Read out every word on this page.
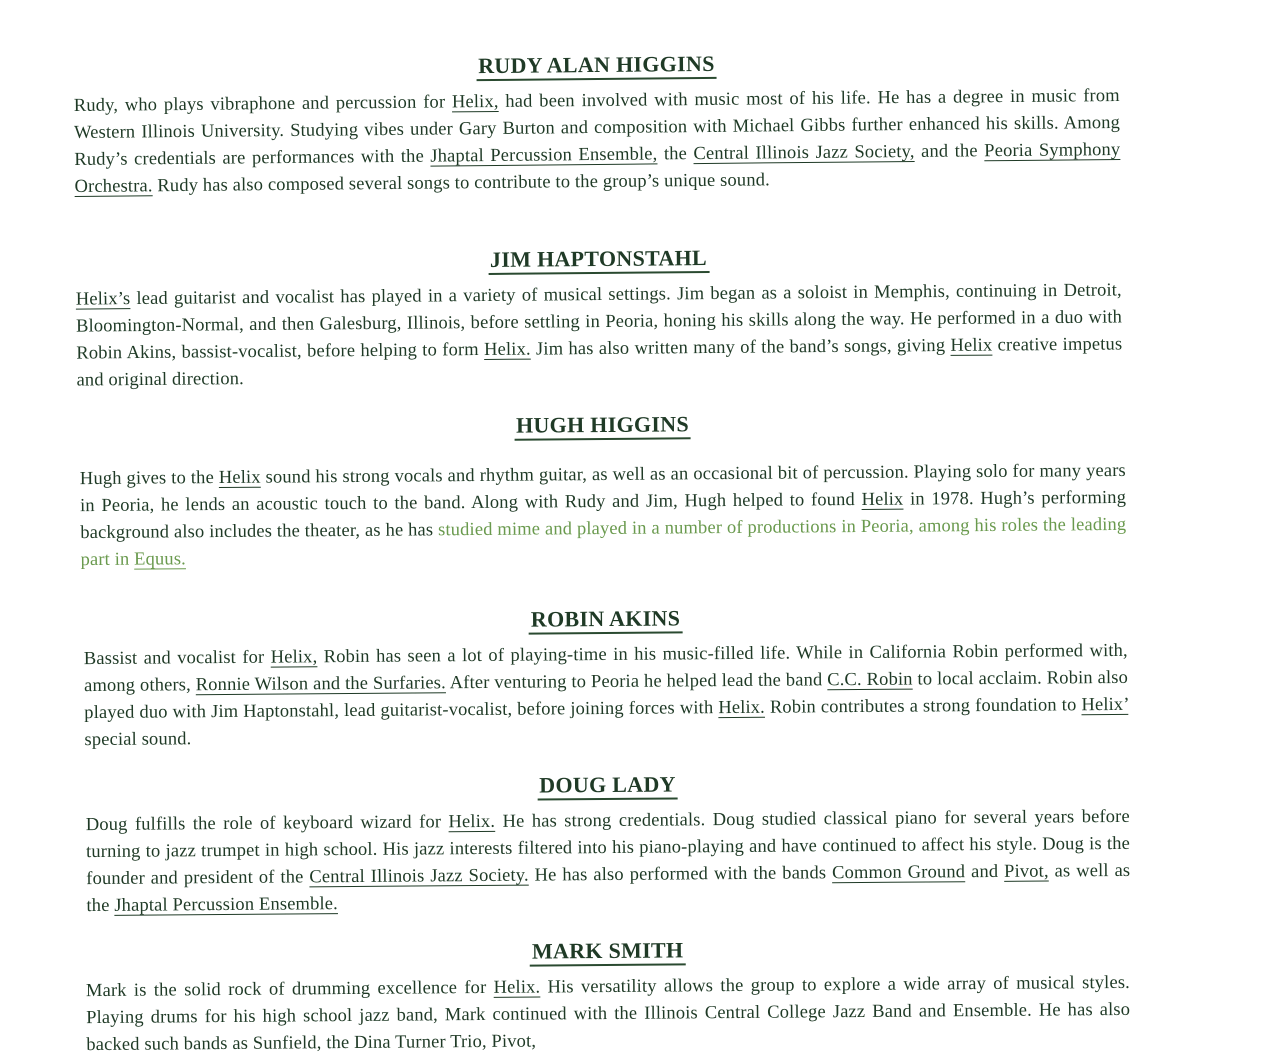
RUDY ALAN HIGGINS

Rudy, who plays vibraphone and percussion for Helix, had been involved with music most of his life. He has a degree in music from Western Illinois University. Studying vibes under Gary Burton and composition with Michael Gibbs further enhanced his skills. Among Rudy’s credentials are performances with the Jhaptal Percussion Ensemble, the Central Illinois Jazz Society, and the Peoria Symphony Orchestra. Rudy has also composed several songs to contribute to the group’s unique sound.

JIM HAPTONSTAHL

Helix’s lead guitarist and vocalist has played in a variety of musical settings. Jim began as a soloist in Memphis, continuing in Detroit, Bloomington-Normal, and then Galesburg, Illinois, before settling in Peoria, honing his skills along the way. He performed in a duo with Robin Akins, bassist-vocalist, before helping to form Helix. Jim has also written many of the band’s songs, giving Helix creative impetus and original direction.

HUGH HIGGINS

Hugh gives to the Helix sound his strong vocals and rhythm guitar, as well as an occasional bit of percussion. Playing solo for many years in Peoria, he lends an acoustic touch to the band. Along with Rudy and Jim, Hugh helped to found Helix in 1978. Hugh’s performing background also includes the theater, as he has studied mime and played in a number of productions in Peoria, among his roles the leading part in Equus.

ROBIN AKINS

Bassist and vocalist for Helix, Robin has seen a lot of playing-time in his music-filled life. While in California Robin performed with, among others, Ronnie Wilson and the Surfaries. After venturing to Peoria he helped lead the band C.C. Robin to local acclaim. Robin also played duo with Jim Haptonstahl, lead guitarist-vocalist, before joining forces with Helix. Robin contributes a strong foundation to Helix’ special sound.

DOUG LADY

Doug fulfills the role of keyboard wizard for Helix. He has strong credentials. Doug studied classical piano for several years before turning to jazz trumpet in high school. His jazz interests filtered into his piano-playing and have continued to affect his style. Doug is the founder and president of the Central Illinois Jazz Society. He has also performed with the bands Common Ground and Pivot, as well as the Jhaptal Percussion Ensemble.

MARK SMITH

Mark is the solid rock of drumming excellence for Helix. His versatility allows the group to explore a wide array of musical styles. Playing drums for his high school jazz band, Mark continued with the Illinois Central College Jazz Band and Ensemble. He has also backed such bands as Sunfield, the Dina Turner Trio, Pivot,
